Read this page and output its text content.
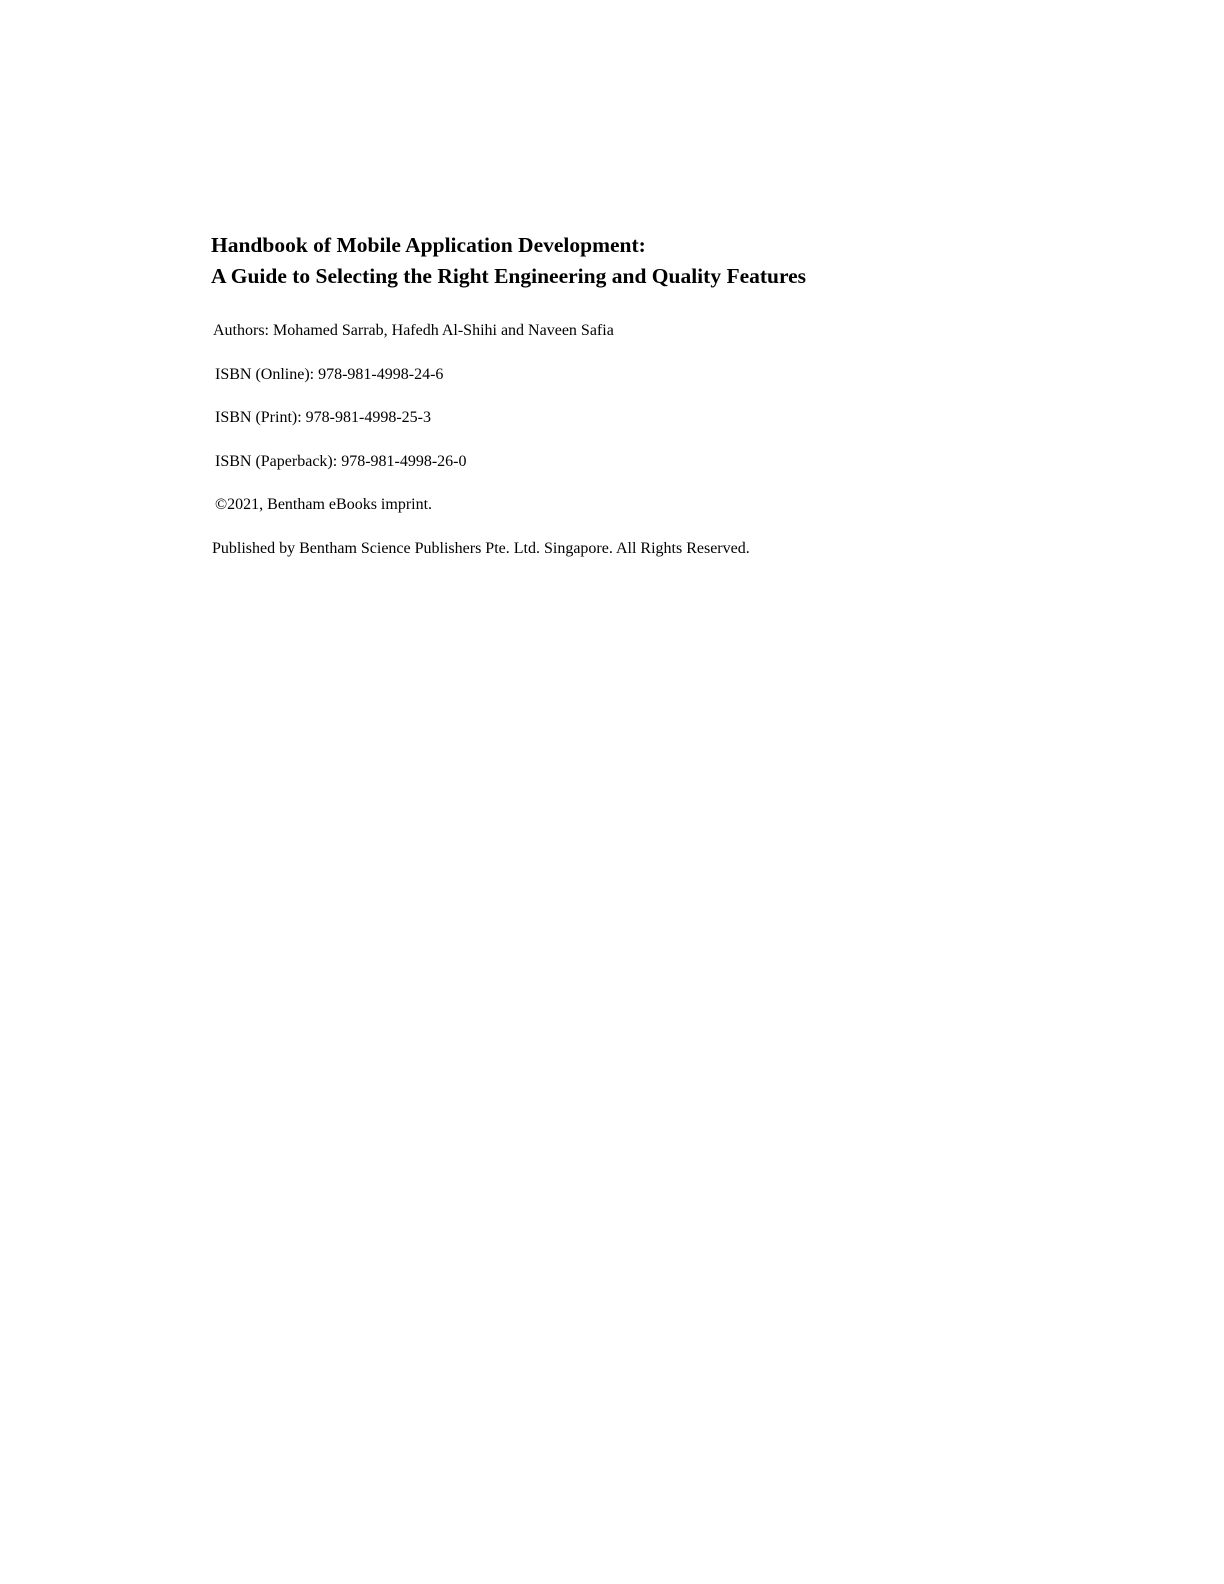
Handbook of Mobile Application Development:

A Guide to Selecting the Right Engineering and Quality Features

Authors: Mohamed Sarrab, Hafedh Al-Shihi and Naveen Safia
ISBN (Online): 978-981-4998-24-6
ISBN (Print): 978-981-4998-25-3
ISBN (Paperback): 978-981-4998-26-0
©2021, Bentham eBooks imprint.
Published by Bentham Science Publishers Pte. Ltd. Singapore. All Rights Reserved.
